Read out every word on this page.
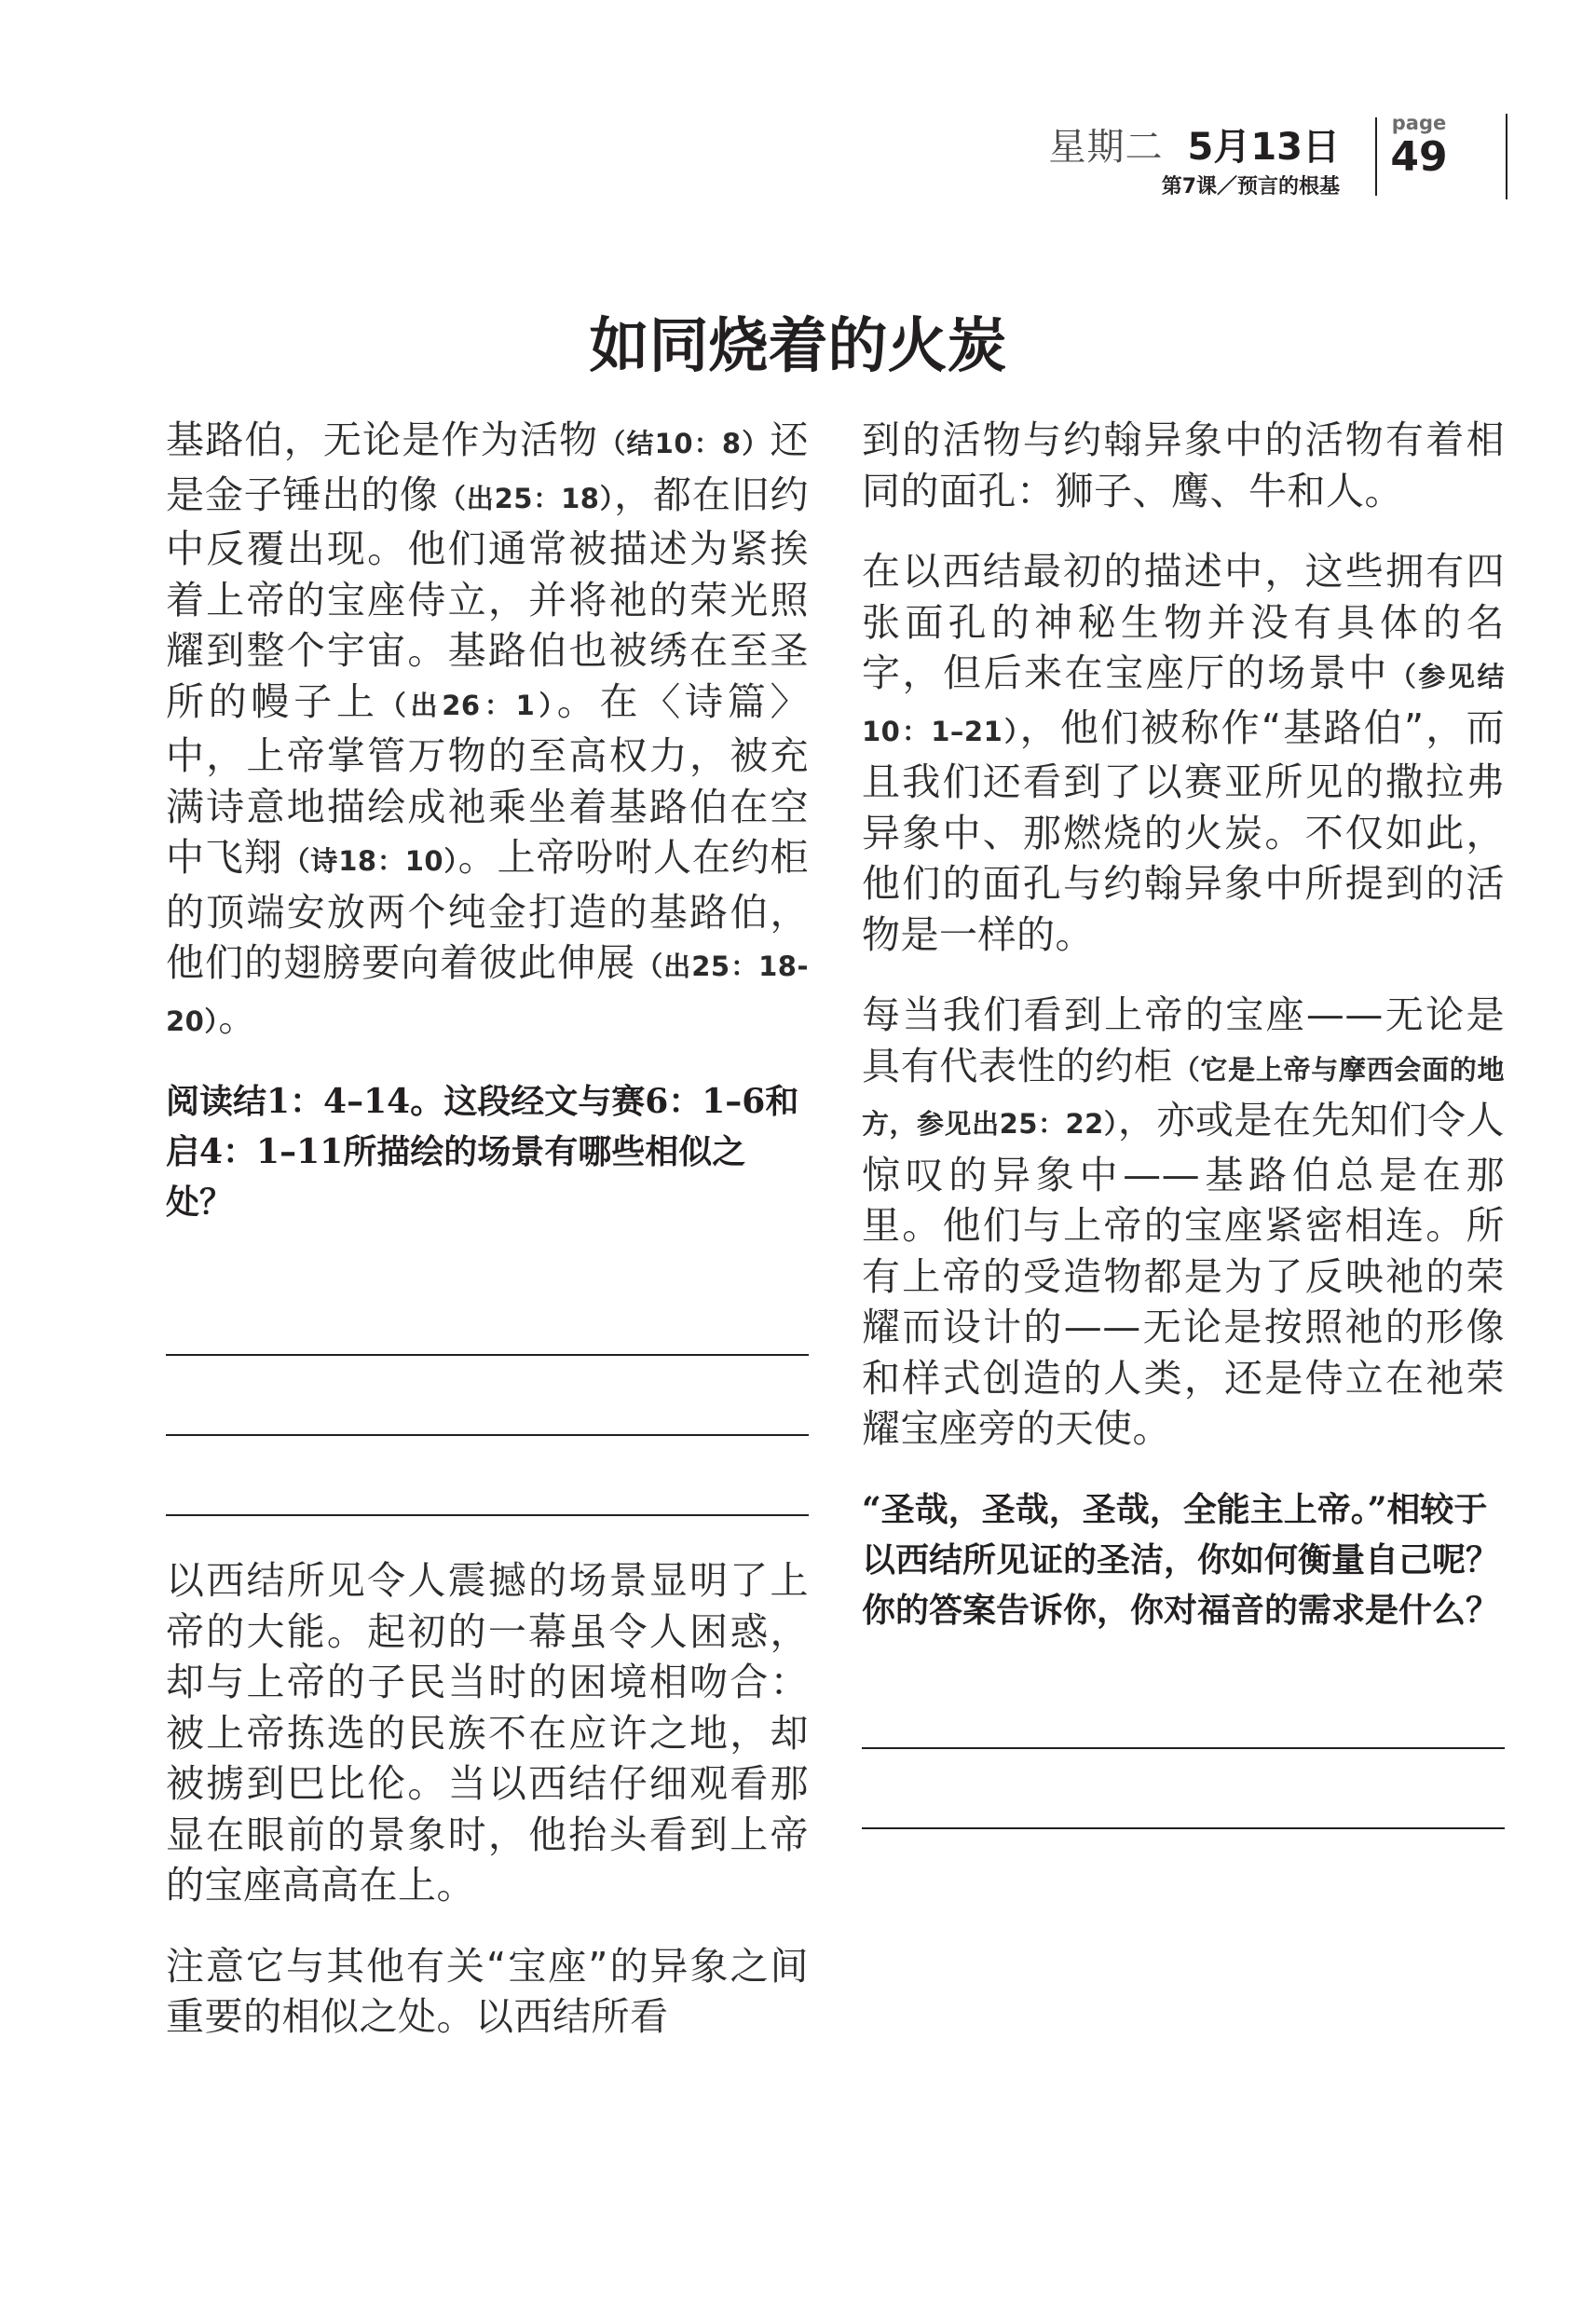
星期二 5月13日
第7课／预言的根基
page
49
如同烧着的火炭

基路伯，无论是作为活物（结10：8）还是金子锤出的像（出25：18），都在旧约中反覆出现。他们通常被描述为紧挨着上帝的宝座侍立，并将祂的荣光照耀到整个宇宙。基路伯也被绣在至圣所的幔子上（出26：1）。在〈诗篇〉中，上帝掌管万物的至高权力，被充满诗意地描绘成祂乘坐着基路伯在空中飞翔（诗18：10）。上帝吩咐人在约柜的顶端安放两个纯金打造的基路伯，他们的翅膀要向着彼此伸展（出25：18-20）。

阅读结1：4–14。这段经文与赛6：1–6和启4：1–11所描绘的场景有哪些相似之处？

以西结所见令人震撼的场景显明了上帝的大能。起初的一幕虽令人困惑，却与上帝的子民当时的困境相吻合：被上帝拣选的民族不在应许之地，却被掳到巴比伦。当以西结仔细观看那显在眼前的景象时，他抬头看到上帝的宝座高高在上。

注意它与其他有关“宝座”的异象之间重要的相似之处。以西结所看

到的活物与约翰异象中的活物有着相同的面孔：狮子、鹰、牛和人。

在以西结最初的描述中，这些拥有四张面孔的神秘生物并没有具体的名字，但后来在宝座厅的场景中（参见结10：1–21），他们被称作“基路伯”，而且我们还看到了以赛亚所见的撒拉弗异象中、那燃烧的火炭。不仅如此，他们的面孔与约翰异象中所提到的活物是一样的。

每当我们看到上帝的宝座——无论是具有代表性的约柜（它是上帝与摩西会面的地方，参见出25：22），亦或是在先知们令人惊叹的异象中——基路伯总是在那里。他们与上帝的宝座紧密相连。所有上帝的受造物都是为了反映祂的荣耀而设计的——无论是按照祂的形像和样式创造的人类，还是侍立在祂荣耀宝座旁的天使。

“圣哉，圣哉，圣哉，全能主上帝。”相较于以西结所见证的圣洁，你如何衡量自己呢？你的答案告诉你，你对福音的需求是什么？
